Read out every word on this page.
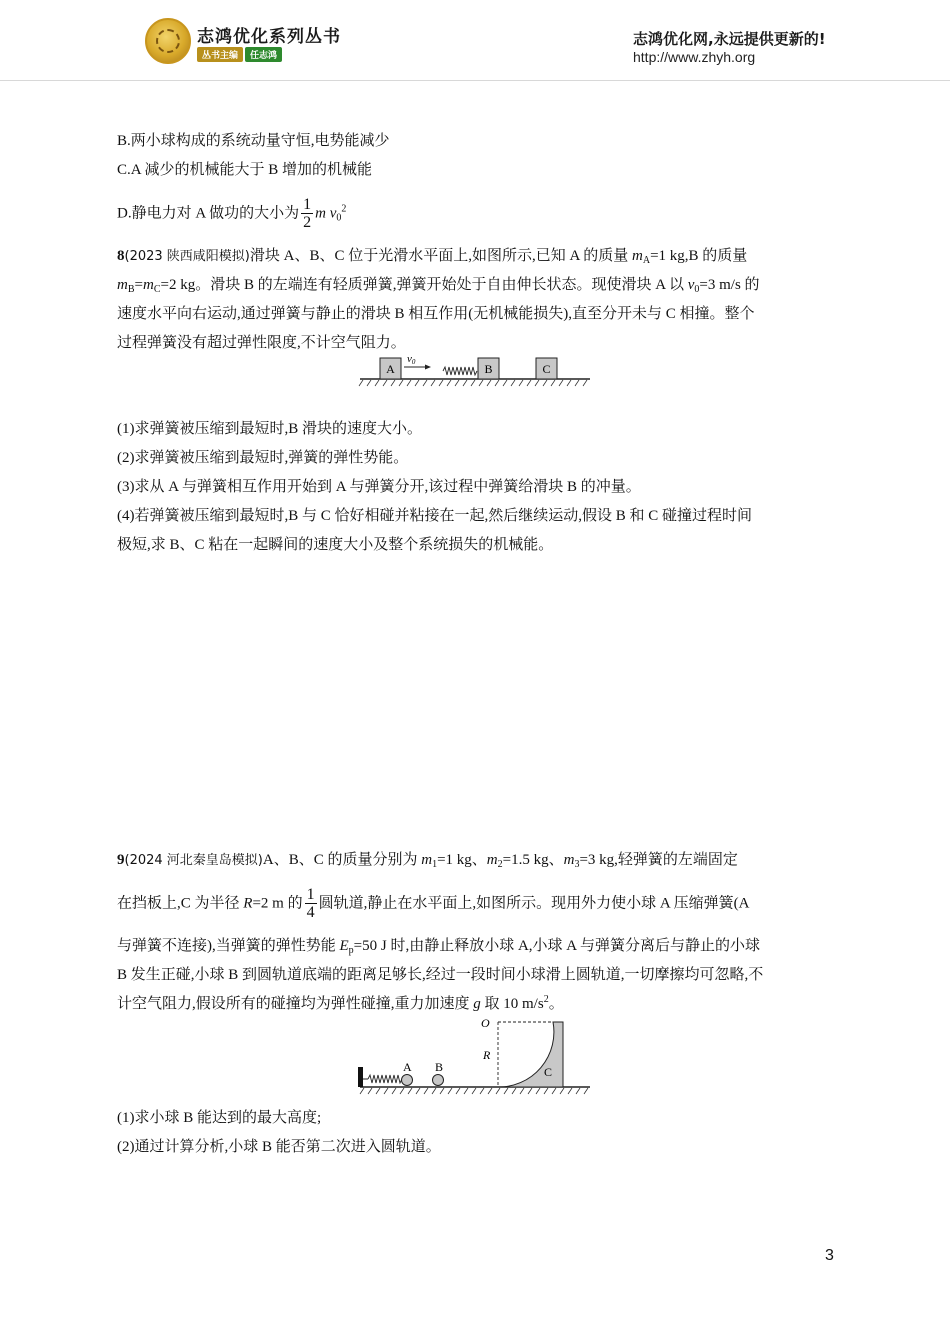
志鸿优化系列丛书
丛书主编 任志鸿
志鸿优化网,永远提供更新的!
http://www.zhyh.org
B.两小球构成的系统动量守恒,电势能减少
C.A 减少的机械能大于 B 增加的机械能
D.静电力对 A 做功的大小为 $\frac{1}{2}$ m $v_0^2$
8(2023 陕西咸阳模拟)滑块 A、B、C 位于光滑水平面上,如图所示,已知 A 的质量 $m_A=1$ kg,B 的质量
$m_B=m_C=2$ kg。滑块 B 的左端连有轻质弹簧,弹簧开始处于自由伸长状态。现使滑块 A 以 $v_0=3$ m/s 的
速度水平向右运动,通过弹簧与静止的滑块 B 相互作用(无机械能损失),直至分开未与 C 相撞。整个
过程弹簧没有超过弹性限度,不计空气阻力。
A
v0	B	C
(1)求弹簧被压缩到最短时,B 滑块的速度大小。
(2)求弹簧被压缩到最短时,弹簧的弹性势能。
(3)求从 A 与弹簧相互作用开始到 A 与弹簧分开,该过程中弹簧给滑块 B 的冲量。
(4)若弹簧被压缩到最短时,B 与 C 恰好相碰并粘接在一起,然后继续运动,假设 B 和 C 碰撞过程时间
极短,求 B、C 粘在一起瞬间的速度大小及整个系统损失的机械能。
9(2024 河北秦皇岛模拟)A、B、C 的质量分别为 $m_1=1$ kg、$m_2=1.5$ kg、$m_3=3$ kg,轻弹簧的左端固定
在挡板上,C 为半径 R=2 m 的 $\frac{1}{4}$ 圆轨道,静止在水平面上,如图所示。现用外力使小球 A 压缩弹簧(A
与弹簧不连接),当弹簧的弹性势能 $E_p=50$ J 时,由静止释放小球 A,小球 A 与弹簧分离后与静止的小球
B 发生正碰,小球 B 到圆轨道底端的距离足够长,经过一段时间小球滑上圆轨道,一切摩擦均可忽略,不
计空气阻力,假设所有的碰撞均为弹性碰撞,重力加速度 g 取 10 $m/s^2$。
A B
O
R
C
(1)求小球 B 能达到的最大高度;
(2)通过计算分析,小球 B 能否第二次进入圆轨道。
3
